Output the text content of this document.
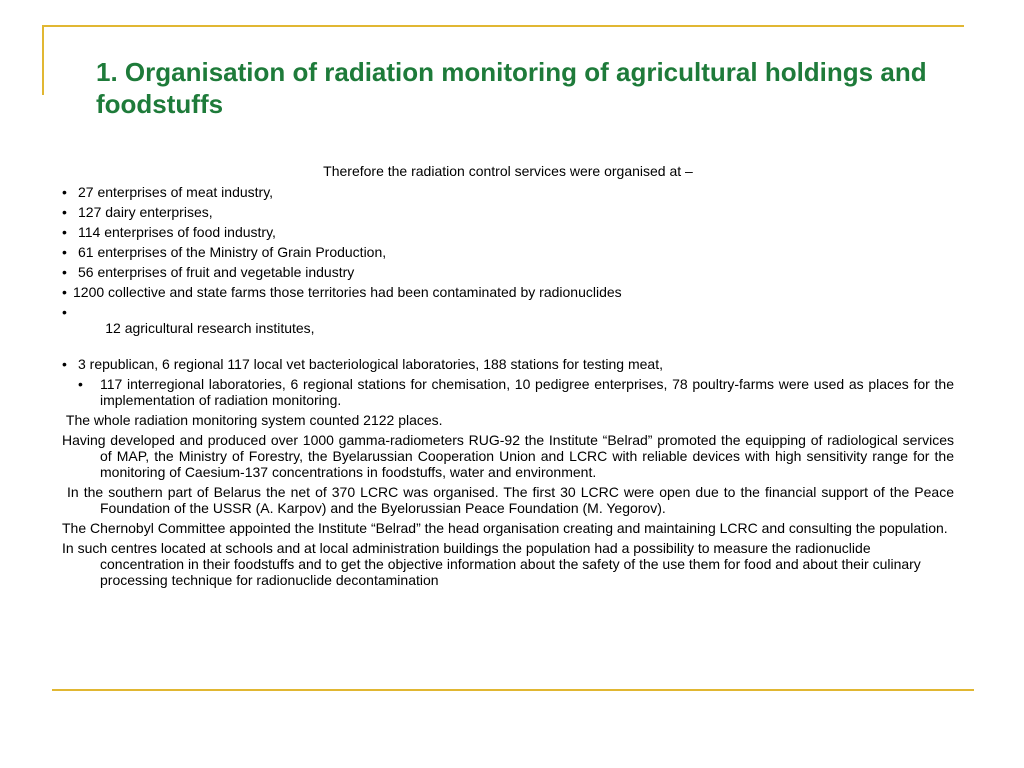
1. Organisation of radiation monitoring of agricultural holdings and foodstuffs

Therefore the radiation control services were organised at –

• 27 enterprises of meat industry,
• 127 dairy enterprises,
• 114 enterprises of food industry,
• 61 enterprises of the Ministry of Grain Production,
• 56 enterprises of fruit and vegetable industry
• 1200 collective and state farms those territories had been contaminated by radionuclides

•
12 agricultural research institutes,

• 3 republican, 6 regional 117 local vet bacteriological laboratories, 188 stations for testing meat,
• 117 interregional laboratories, 6 regional stations for chemisation, 10 pedigree enterprises, 78 poultry-farms were used as places for the implementation of radiation monitoring.

The whole radiation monitoring system counted 2122 places.

Having developed and produced over 1000 gamma-radiometers RUG-92 the Institute “Belrad” promoted the equipping of radiological services of MAP, the Ministry of Forestry, the Byelarussian Cooperation Union and LCRC with reliable devices with high sensitivity range for the monitoring of Caesium-137 concentrations in foodstuffs, water and environment.

In the southern part of Belarus the net of 370 LCRC was organised. The first 30 LCRC were open due to the financial support of the Peace Foundation of the USSR (A. Karpov) and the Byelorussian Peace Foundation (M. Yegorov).

The Chernobyl Committee appointed the Institute “Belrad” the head organisation creating and maintaining LCRC and consulting the population.

In such centres located at schools and at local administration buildings the population had a possibility to measure the radionuclide concentration in their foodstuffs and to get the objective information about the safety of the use them for food and about their culinary processing technique for radionuclide decontamination
